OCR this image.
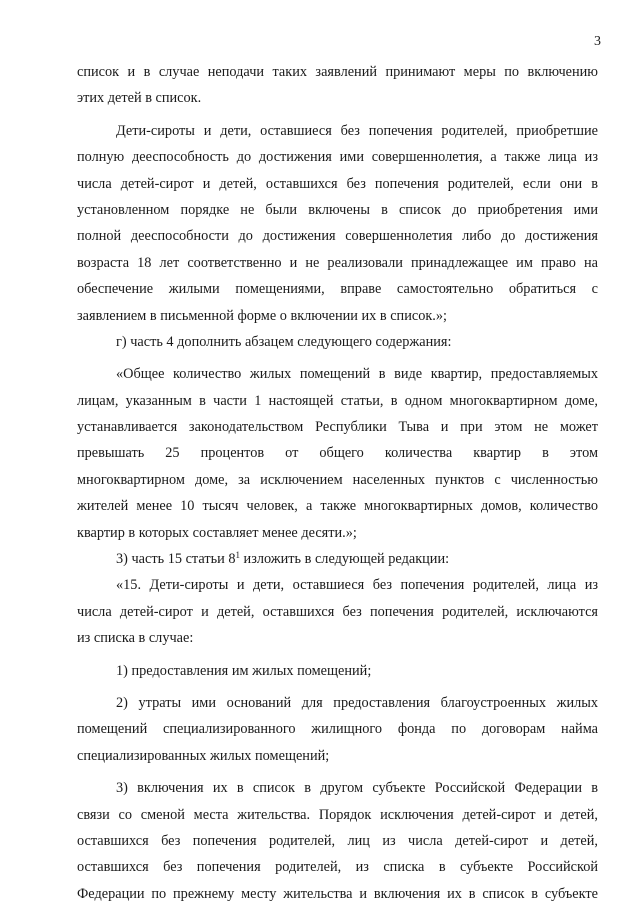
3
список и в случае неподачи таких заявлений принимают меры по включению
этих детей в список.
Дети-сироты и дети, оставшиеся без попечения родителей, приобретшие
полную дееспособность до достижения ими совершеннолетия, а также лица из
числа детей-сирот и детей, оставшихся без попечения родителей, если они в
установленном порядке не были включены в список до приобретения ими
полной дееспособности до достижения совершеннолетия либо до достижения
возраста 18 лет соответственно и не реализовали принадлежащее им право на
обеспечение жилыми помещениями, вправе самостоятельно обратиться с
заявлением в письменной форме о включении их в список.»;
г) часть 4 дополнить абзацем следующего содержания:
«Общее количество жилых помещений в виде квартир, предоставляемых
лицам, указанным в части 1 настоящей статьи, в одном многоквартирном доме,
устанавливается законодательством Республики Тыва и при этом не может
превышать 25 процентов от общего количества квартир в этом
многоквартирном доме, за исключением населенных пунктов с численностью
жителей менее 10 тысяч человек, а также многоквартирных домов, количество
квартир в которых составляет менее десяти.»;
3) часть 15 статьи $8^1$ изложить в следующей редакции:
«15. Дети-сироты и дети, оставшиеся без попечения родителей, лица из
числа детей-сирот и детей, оставшихся без попечения родителей, исключаются
из списка в случае:
1) предоставления им жилых помещений;
2) утраты ими оснований для предоставления благоустроенных жилых
помещений специализированного жилищного фонда по договорам найма
специализированных жилых помещений;
3) включения их в список в другом субъекте Российской Федерации в
связи со сменой места жительства. Порядок исключения детей-сирот и детей,
оставшихся без попечения родителей, лиц из числа детей-сирот и детей,
оставшихся без попечения родителей, из списка в субъекте Российской
Федерации по прежнему месту жительства и включения их в список в субъекте
